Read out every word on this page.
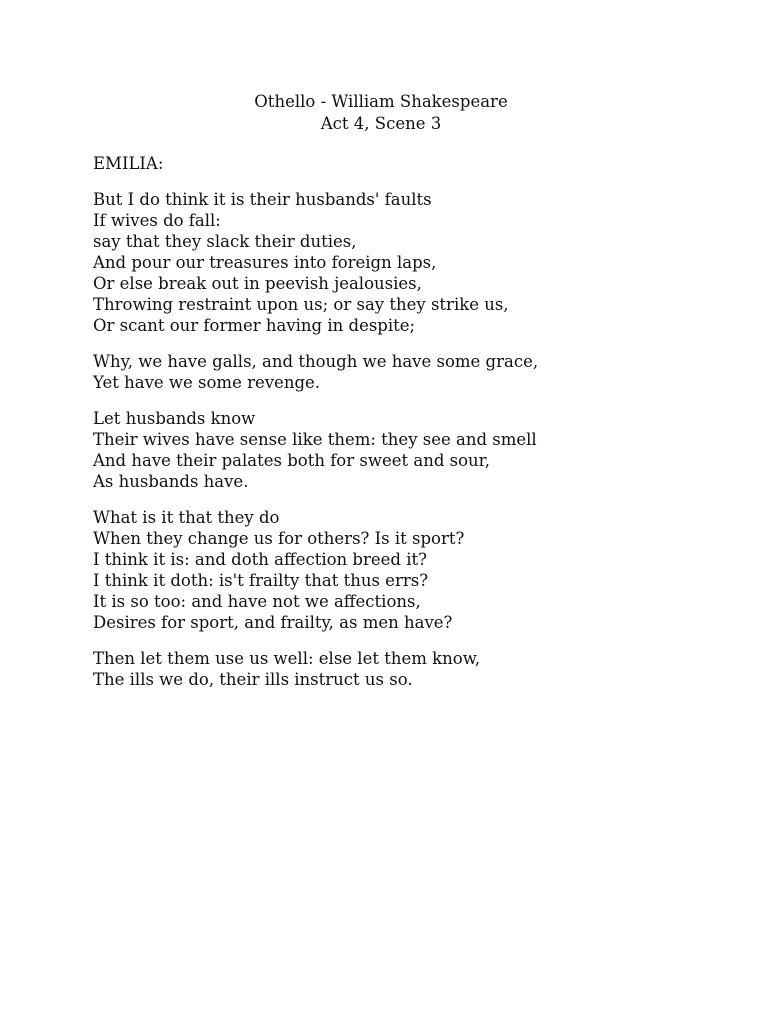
Othello - William Shakespeare
Act 4, Scene 3
EMILIA:
But I do think it is their husbands' faults
If wives do fall:
say that they slack their duties,
And pour our treasures into foreign laps,
Or else break out in peevish jealousies,
Throwing restraint upon us; or say they strike us,
Or scant our former having in despite;
Why, we have galls, and though we have some grace,
Yet have we some revenge.
Let husbands know
Their wives have sense like them: they see and smell
And have their palates both for sweet and sour,
As husbands have.
What is it that they do
When they change us for others? Is it sport?
I think it is: and doth affection breed it?
I think it doth: is't frailty that thus errs?
It is so too: and have not we affections,
Desires for sport, and frailty, as men have?
Then let them use us well: else let them know,
The ills we do, their ills instruct us so.
